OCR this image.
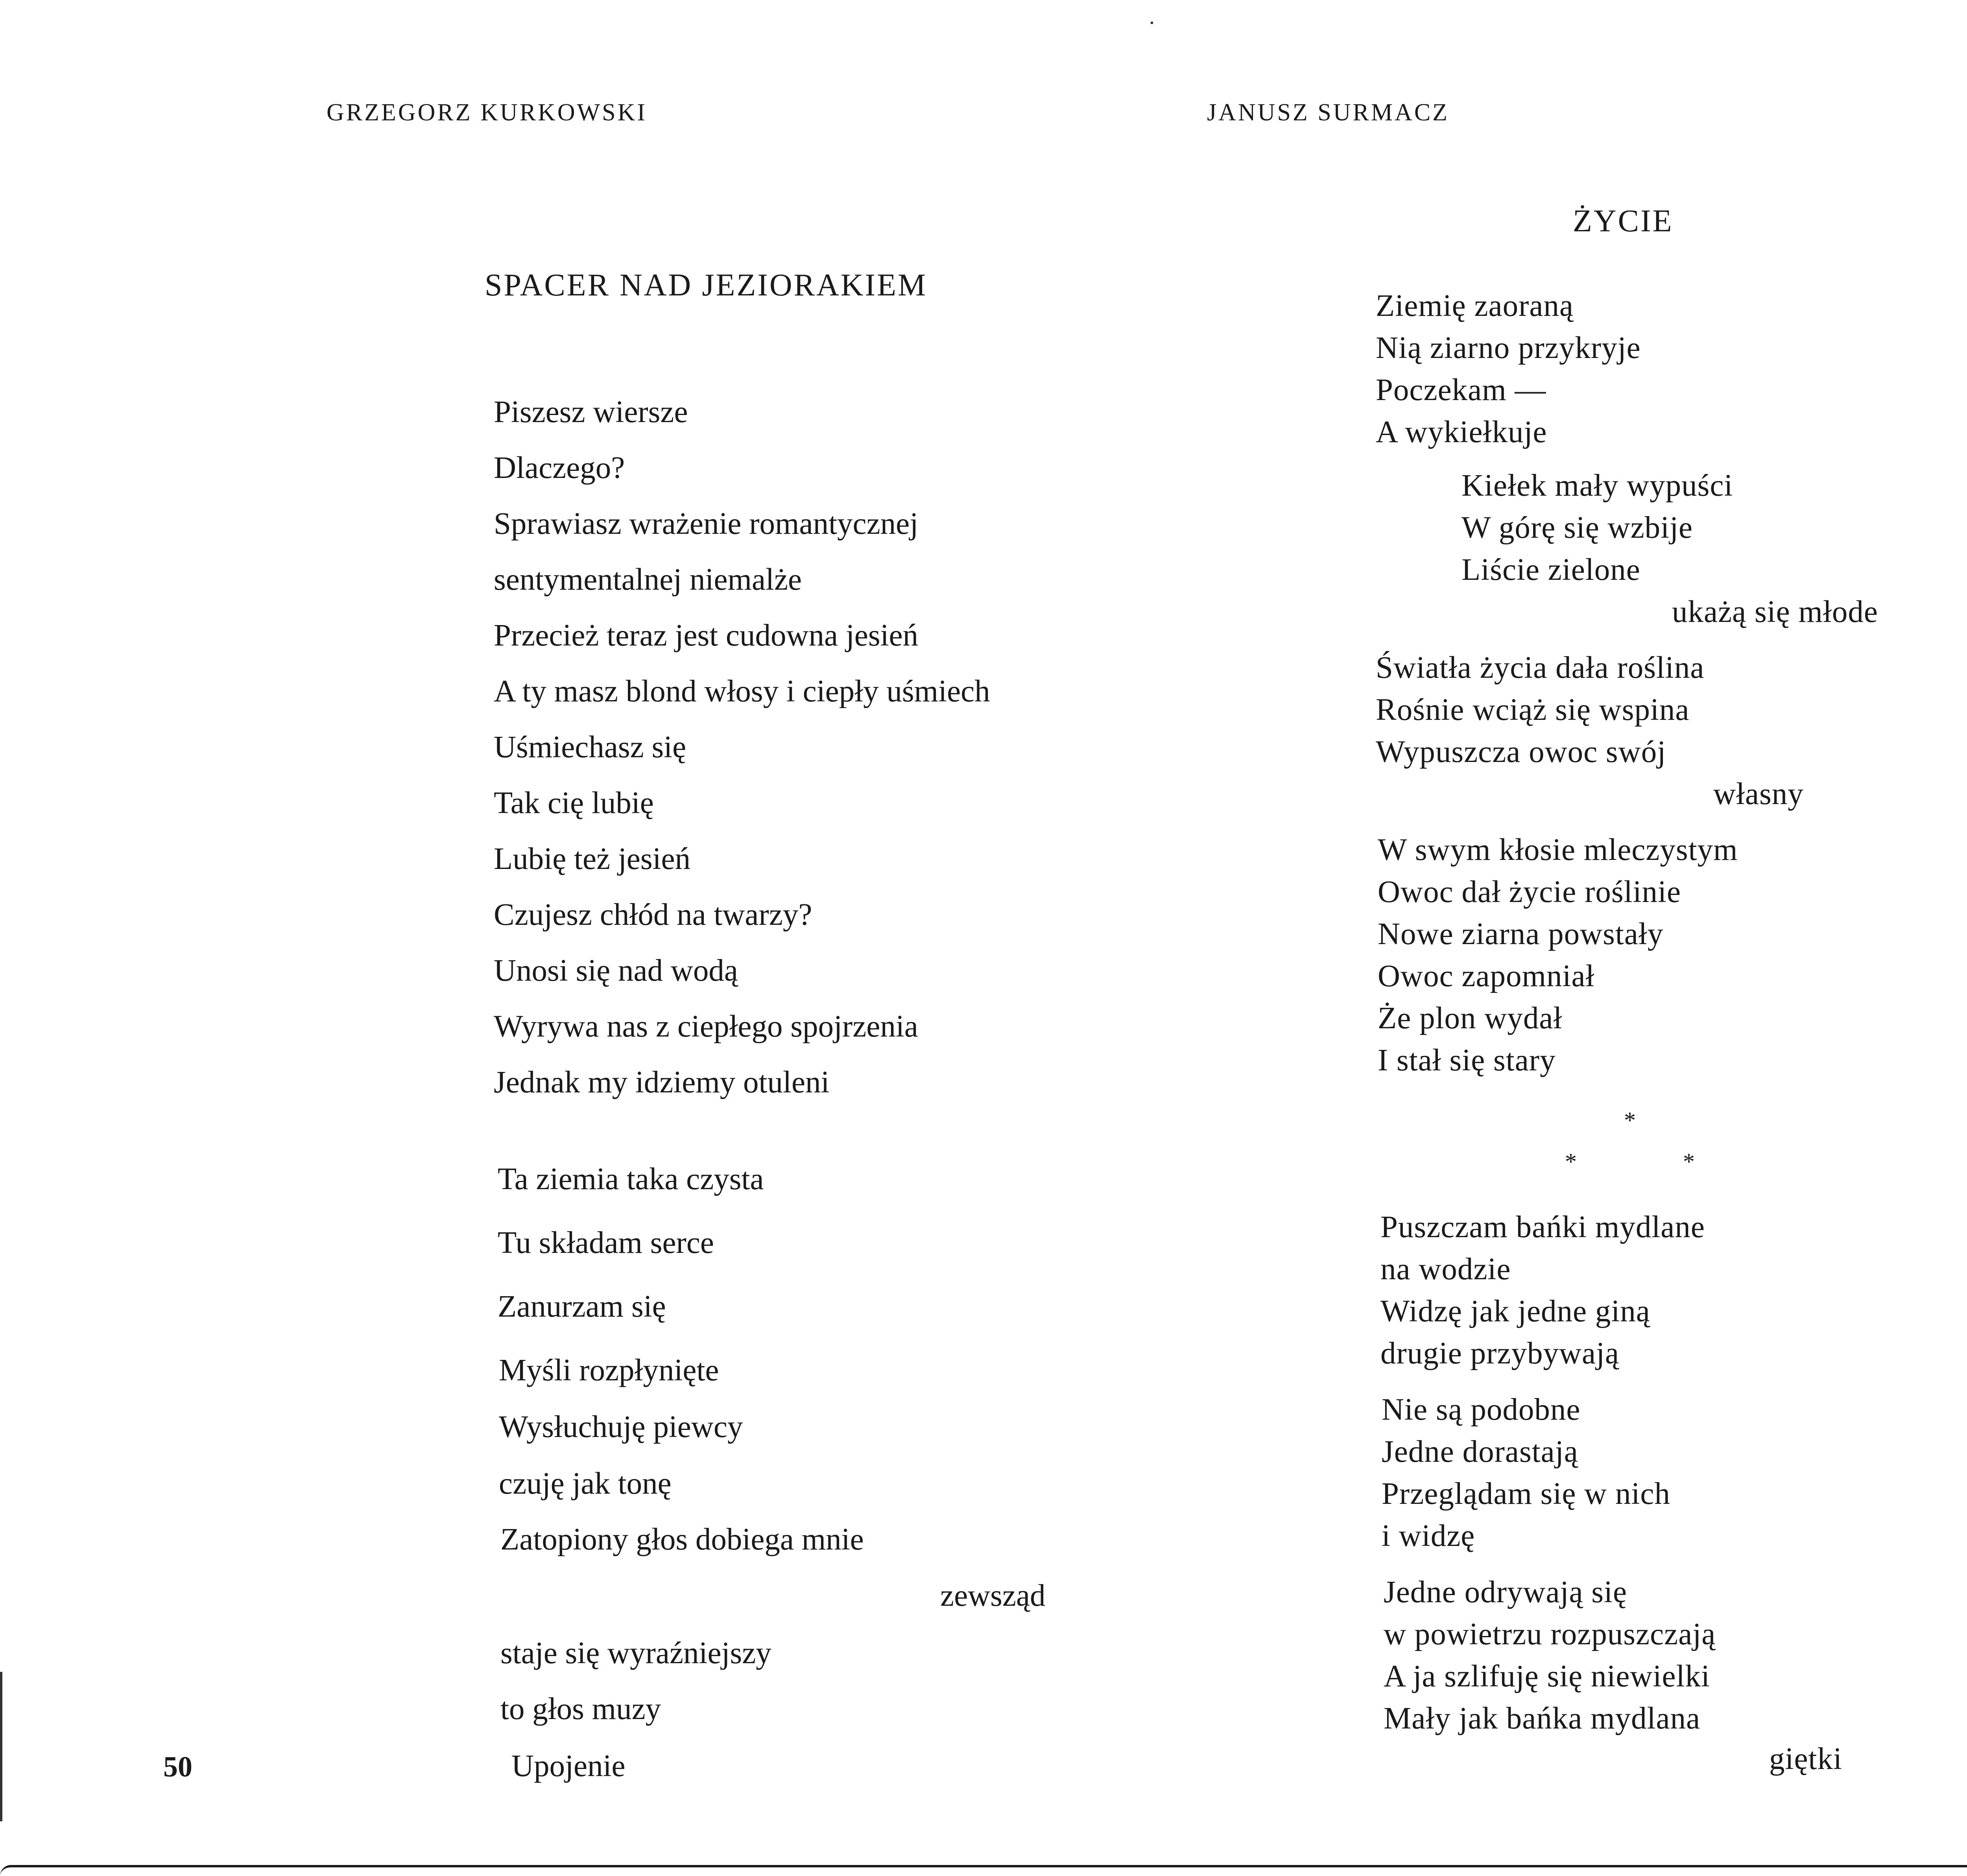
GRZEGORZ KURKOWSKI
SPACER NAD JEZIORAKIEM
Piszesz wiersze
Dlaczego?
Sprawiasz wrażenie romantycznej
sentymentalnej niemalże
Przecież teraz jest cudowna jesień
A ty masz blond włosy i ciepły uśmiech
Uśmiechasz się
Tak cię lubię
Lubię też jesień
Czujesz chłód na twarzy?
Unosi się nad wodą
Wyrywa nas z ciepłego spojrzenia
Jednak my idziemy otuleni
Ta ziemia taka czysta
Tu składam serce
Zanurzam się
Myśli rozpłynięte
Wysłuchuję piewcy
czuję jak tonę
Zatopiony głos dobiega mnie
zewsząd
staje się wyraźniejszy
to głos muzy
Upojenie
50
JANUSZ SURMACZ
ŻYCIE
Ziemię zaoraną
Nią ziarno przykryje
Poczekam —
A wykiełkuje
Kiełek mały wypuści
W górę się wzbije
Liście zielone
ukażą się młode
Światła życia dała roślina
Rośnie wciąż się wspina
Wypuszcza owoc swój
własny
W swym kłosie mleczystym
Owoc dał życie roślinie
Nowe ziarna powstały
Owoc zapomniał
Że plon wydał
I stał się stary
*
*	*
Puszczam bańki mydlane
na wodzie
Widzę jak jedne giną
drugie przybywają
Nie są podobne
Jedne dorastają
Przeglądam się w nich
i widzę
Jedne odrywają się
w powietrzu rozpuszczają
A ja szlifuję się niewielki
Mały jak bańka mydlana
giętki
